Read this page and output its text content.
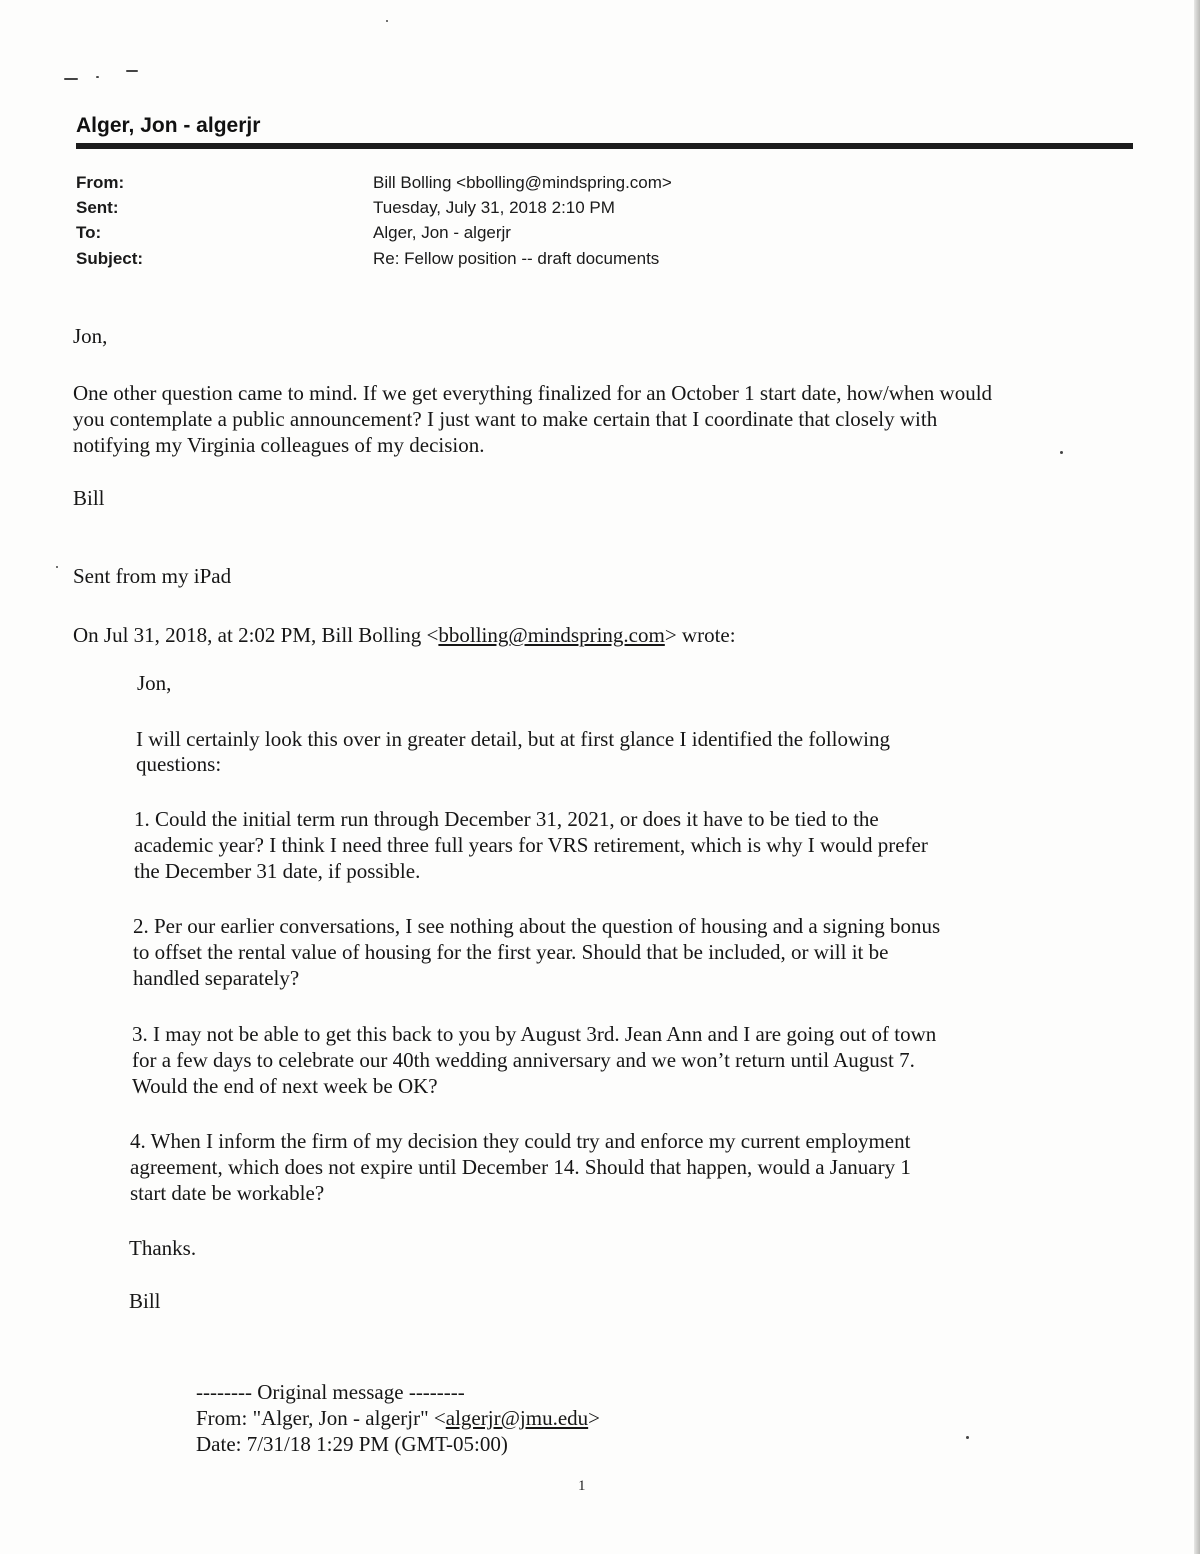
Alger, Jon - algerjr
From:	Bill Bolling <bbolling@mindspring.com>
Sent:	Tuesday, July 31, 2018 2:10 PM
To:	Alger, Jon - algerjr
Subject:	Re: Fellow position -- draft documents
Jon,
One other question came to mind. If we get everything finalized for an October 1 start date, how/when would
you contemplate a public announcement? I just want to make certain that I coordinate that closely with
notifying my Virginia colleagues of my decision.
Bill
Sent from my iPad
On Jul 31, 2018, at 2:02 PM, Bill Bolling <bbolling@mindspring.com> wrote:
Jon,
I will certainly look this over in greater detail, but at first glance I identified the following
questions:
1. Could the initial term run through December 31, 2021, or does it have to be tied to the
academic year? I think I need three full years for VRS retirement, which is why I would prefer
the December 31 date, if possible.
2. Per our earlier conversations, I see nothing about the question of housing and a signing bonus
to offset the rental value of housing for the first year. Should that be included, or will it be
handled separately?
3. I may not be able to get this back to you by August 3rd. Jean Ann and I are going out of town
for a few days to celebrate our 40th wedding anniversary and we won’t return until August 7.
Would the end of next week be OK?
4. When I inform the firm of my decision they could try and enforce my current employment
agreement, which does not expire until December 14. Should that happen, would a January 1
start date be workable?
Thanks.
Bill
-------- Original message --------
From: "Alger, Jon - algerjr" <algerjr@jmu.edu>
Date: 7/31/18 1:29 PM (GMT-05:00)
1
